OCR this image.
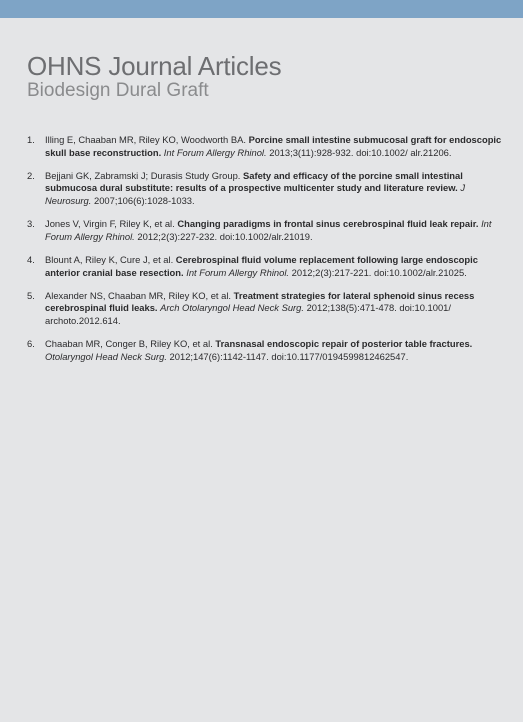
OHNS Journal Articles
Biodesign Dural Graft
1. Illing E, Chaaban MR, Riley KO, Woodworth BA. Porcine small intestine submucosal graft for endoscopic skull base reconstruction. Int Forum Allergy Rhinol. 2013;3(11):928-932. doi:10.1002/ alr.21206.
2. Bejjani GK, Zabramski J; Durasis Study Group. Safety and efficacy of the porcine small intestinal submucosa dural substitute: results of a prospective multicenter study and literature review. J Neurosurg. 2007;106(6):1028-1033.
3. Jones V, Virgin F, Riley K, et al. Changing paradigms in frontal sinus cerebrospinal fluid leak repair. Int Forum Allergy Rhinol. 2012;2(3):227-232. doi:10.1002/alr.21019.
4. Blount A, Riley K, Cure J, et al. Cerebrospinal fluid volume replacement following large endoscopic anterior cranial base resection. Int Forum Allergy Rhinol. 2012;2(3):217-221. doi:10.1002/alr.21025.
5. Alexander NS, Chaaban MR, Riley KO, et al. Treatment strategies for lateral sphenoid sinus recess cerebrospinal fluid leaks. Arch Otolaryngol Head Neck Surg. 2012;138(5):471-478. doi:10.1001/ archoto.2012.614.
6. Chaaban MR, Conger B, Riley KO, et al. Transnasal endoscopic repair of posterior table fractures. Otolaryngol Head Neck Surg. 2012;147(6):1142-1147. doi:10.1177/0194599812462547.
